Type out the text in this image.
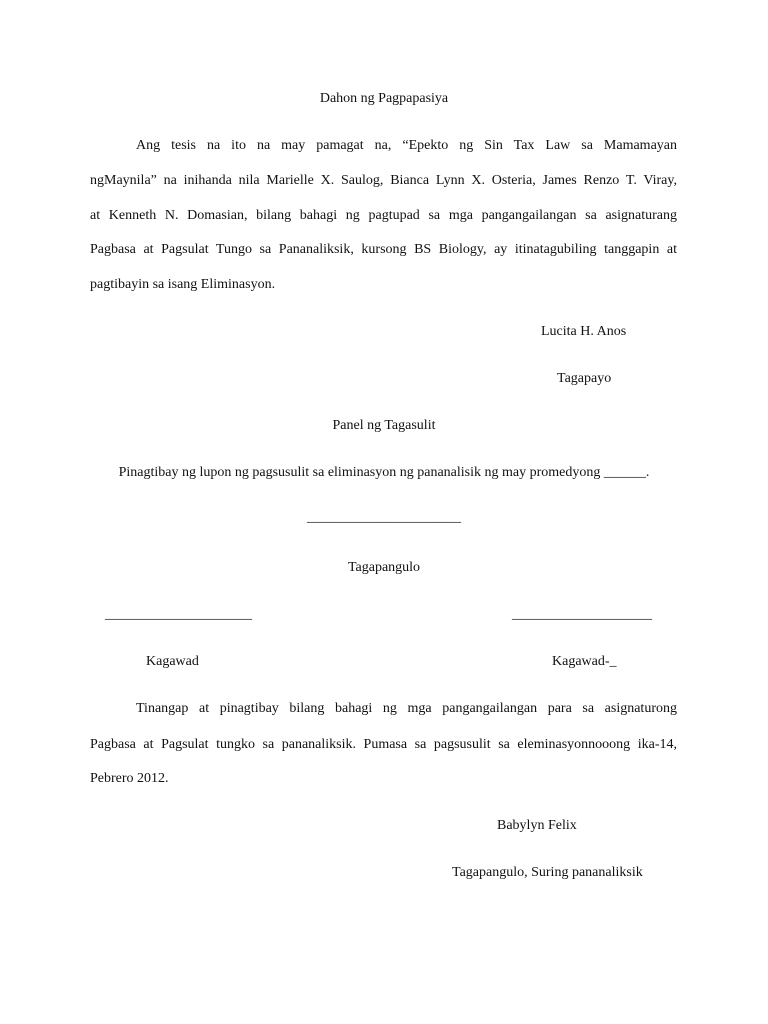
Dahon ng Pagpapasiya
Ang tesis na ito na may pamagat na, “Epekto ng Sin Tax Law sa Mamamayan
ngMaynila” na inihanda nila Marielle X. Saulog, Bianca Lynn X. Osteria, James Renzo T. Viray,
at Kenneth N. Domasian, bilang bahagi ng pagtupad sa mga pangangailangan sa asignaturang
Pagbasa at Pagsulat Tungo sa Pananaliksik, kursong BS Biology, ay itinatagubiling tanggapin at
pagtibayin sa isang Eliminasyon.
Lucita H. Anos
Tagapayo
Panel ng Tagasulit
Pinagtibay ng lupon ng pagsusulit sa eliminasyon ng pananalisik ng may promedyong ______.
______________________
Tagapangulo
_____________________	____________________
Kagawad	Kagawad-_
Tinangap at pinagtibay bilang bahagi ng mga pangangailangan para sa asignaturong
Pagbasa at Pagsulat tungko sa pananaliksik. Pumasa sa pagsusulit sa eleminasyonnooong ika-14,
Pebrero 2012.
Babylyn Felix
Tagapangulo, Suring pananaliksik
